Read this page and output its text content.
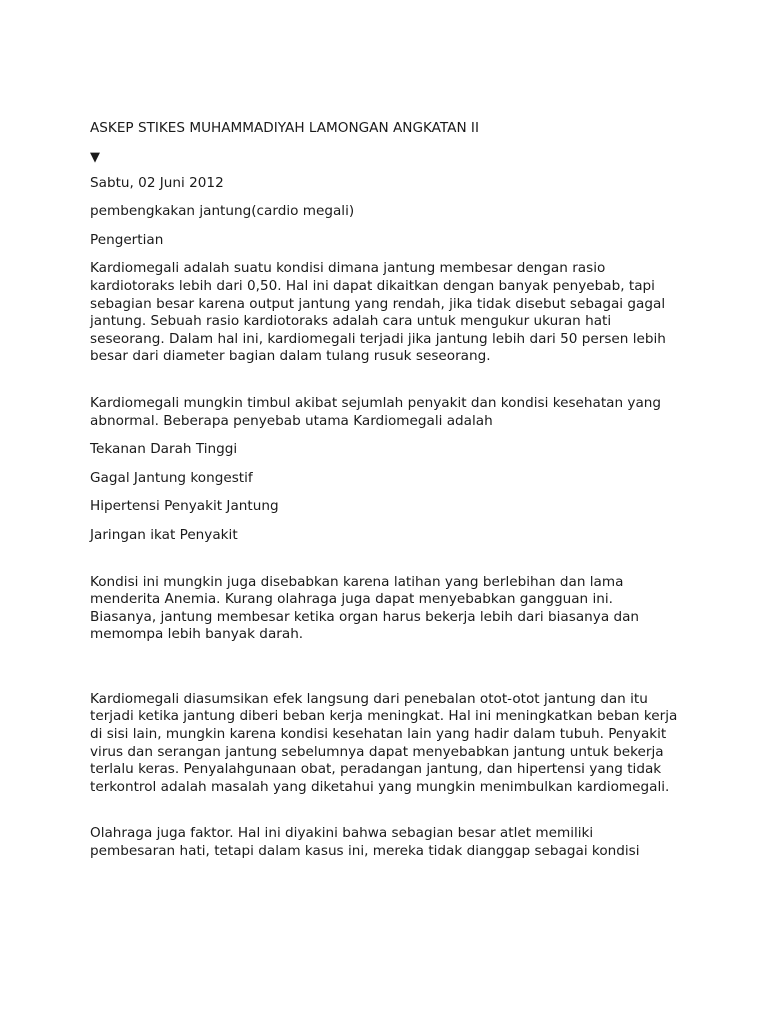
ASKEP STIKES MUHAMMADIYAH LAMONGAN ANGKATAN II

▼

Sabtu, 02 Juni 2012

pembengkakan jantung(cardio megali)

Pengertian

Kardiomegali adalah suatu kondisi dimana jantung membesar dengan rasio kardiotoraks lebih dari 0,50. Hal ini dapat dikaitkan dengan banyak penyebab, tapi sebagian besar karena output jantung yang rendah, jika tidak disebut sebagai gagal jantung. Sebuah rasio kardiotoraks adalah cara untuk mengukur ukuran hati seseorang. Dalam hal ini, kardiomegali terjadi jika jantung lebih dari 50 persen lebih besar dari diameter bagian dalam tulang rusuk seseorang.

Kardiomegali mungkin timbul akibat sejumlah penyakit dan kondisi kesehatan yang abnormal. Beberapa penyebab utama Kardiomegali adalah

Tekanan Darah Tinggi

Gagal Jantung kongestif

Hipertensi Penyakit Jantung

Jaringan ikat Penyakit

Kondisi ini mungkin juga disebabkan karena latihan yang berlebihan dan lama menderita Anemia. Kurang olahraga juga dapat menyebabkan gangguan ini. Biasanya, jantung membesar ketika organ harus bekerja lebih dari biasanya dan memompa lebih banyak darah.

Kardiomegali diasumsikan efek langsung dari penebalan otot-otot jantung dan itu terjadi ketika jantung diberi beban kerja meningkat. Hal ini meningkatkan beban kerja di sisi lain, mungkin karena kondisi kesehatan lain yang hadir dalam tubuh. Penyakit virus dan serangan jantung sebelumnya dapat menyebabkan jantung untuk bekerja terlalu keras. Penyalahgunaan obat, peradangan jantung, dan hipertensi yang tidak terkontrol adalah masalah yang diketahui yang mungkin menimbulkan kardiomegali.

Olahraga juga faktor. Hal ini diyakini bahwa sebagian besar atlet memiliki pembesaran hati, tetapi dalam kasus ini, mereka tidak dianggap sebagai kondisi
